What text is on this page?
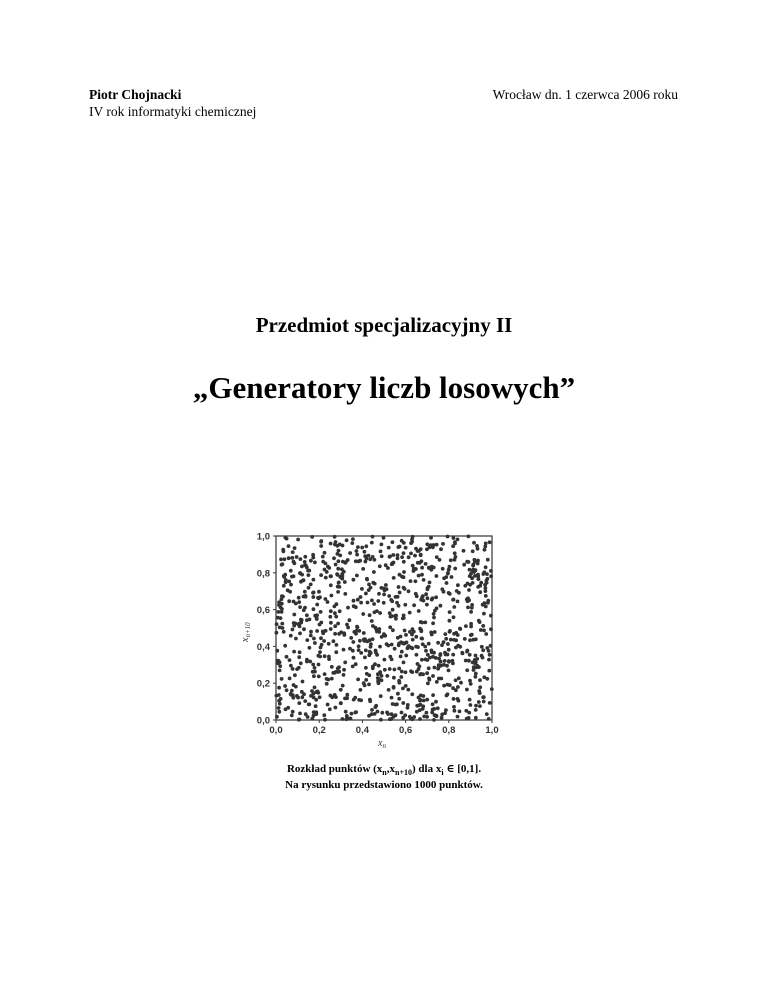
Piotr Chojnacki
IV rok informatyki chemicznej
Wrocław dn. 1 czerwca 2006 roku
Przedmiot specjalizacyjny II
„Generatory liczb losowych”
0,0	0,2	0,4	0,6	0,8	1,0
0,0
0,2
0,4
0,6
0,8
1,0
$x_n$
$x_{n+10}$
Rozkład punktów $(x_n,x_{n+10})$ dla $x_i$ ∈ [0,1].
Na rysunku przedstawiono 1000 punktów.
